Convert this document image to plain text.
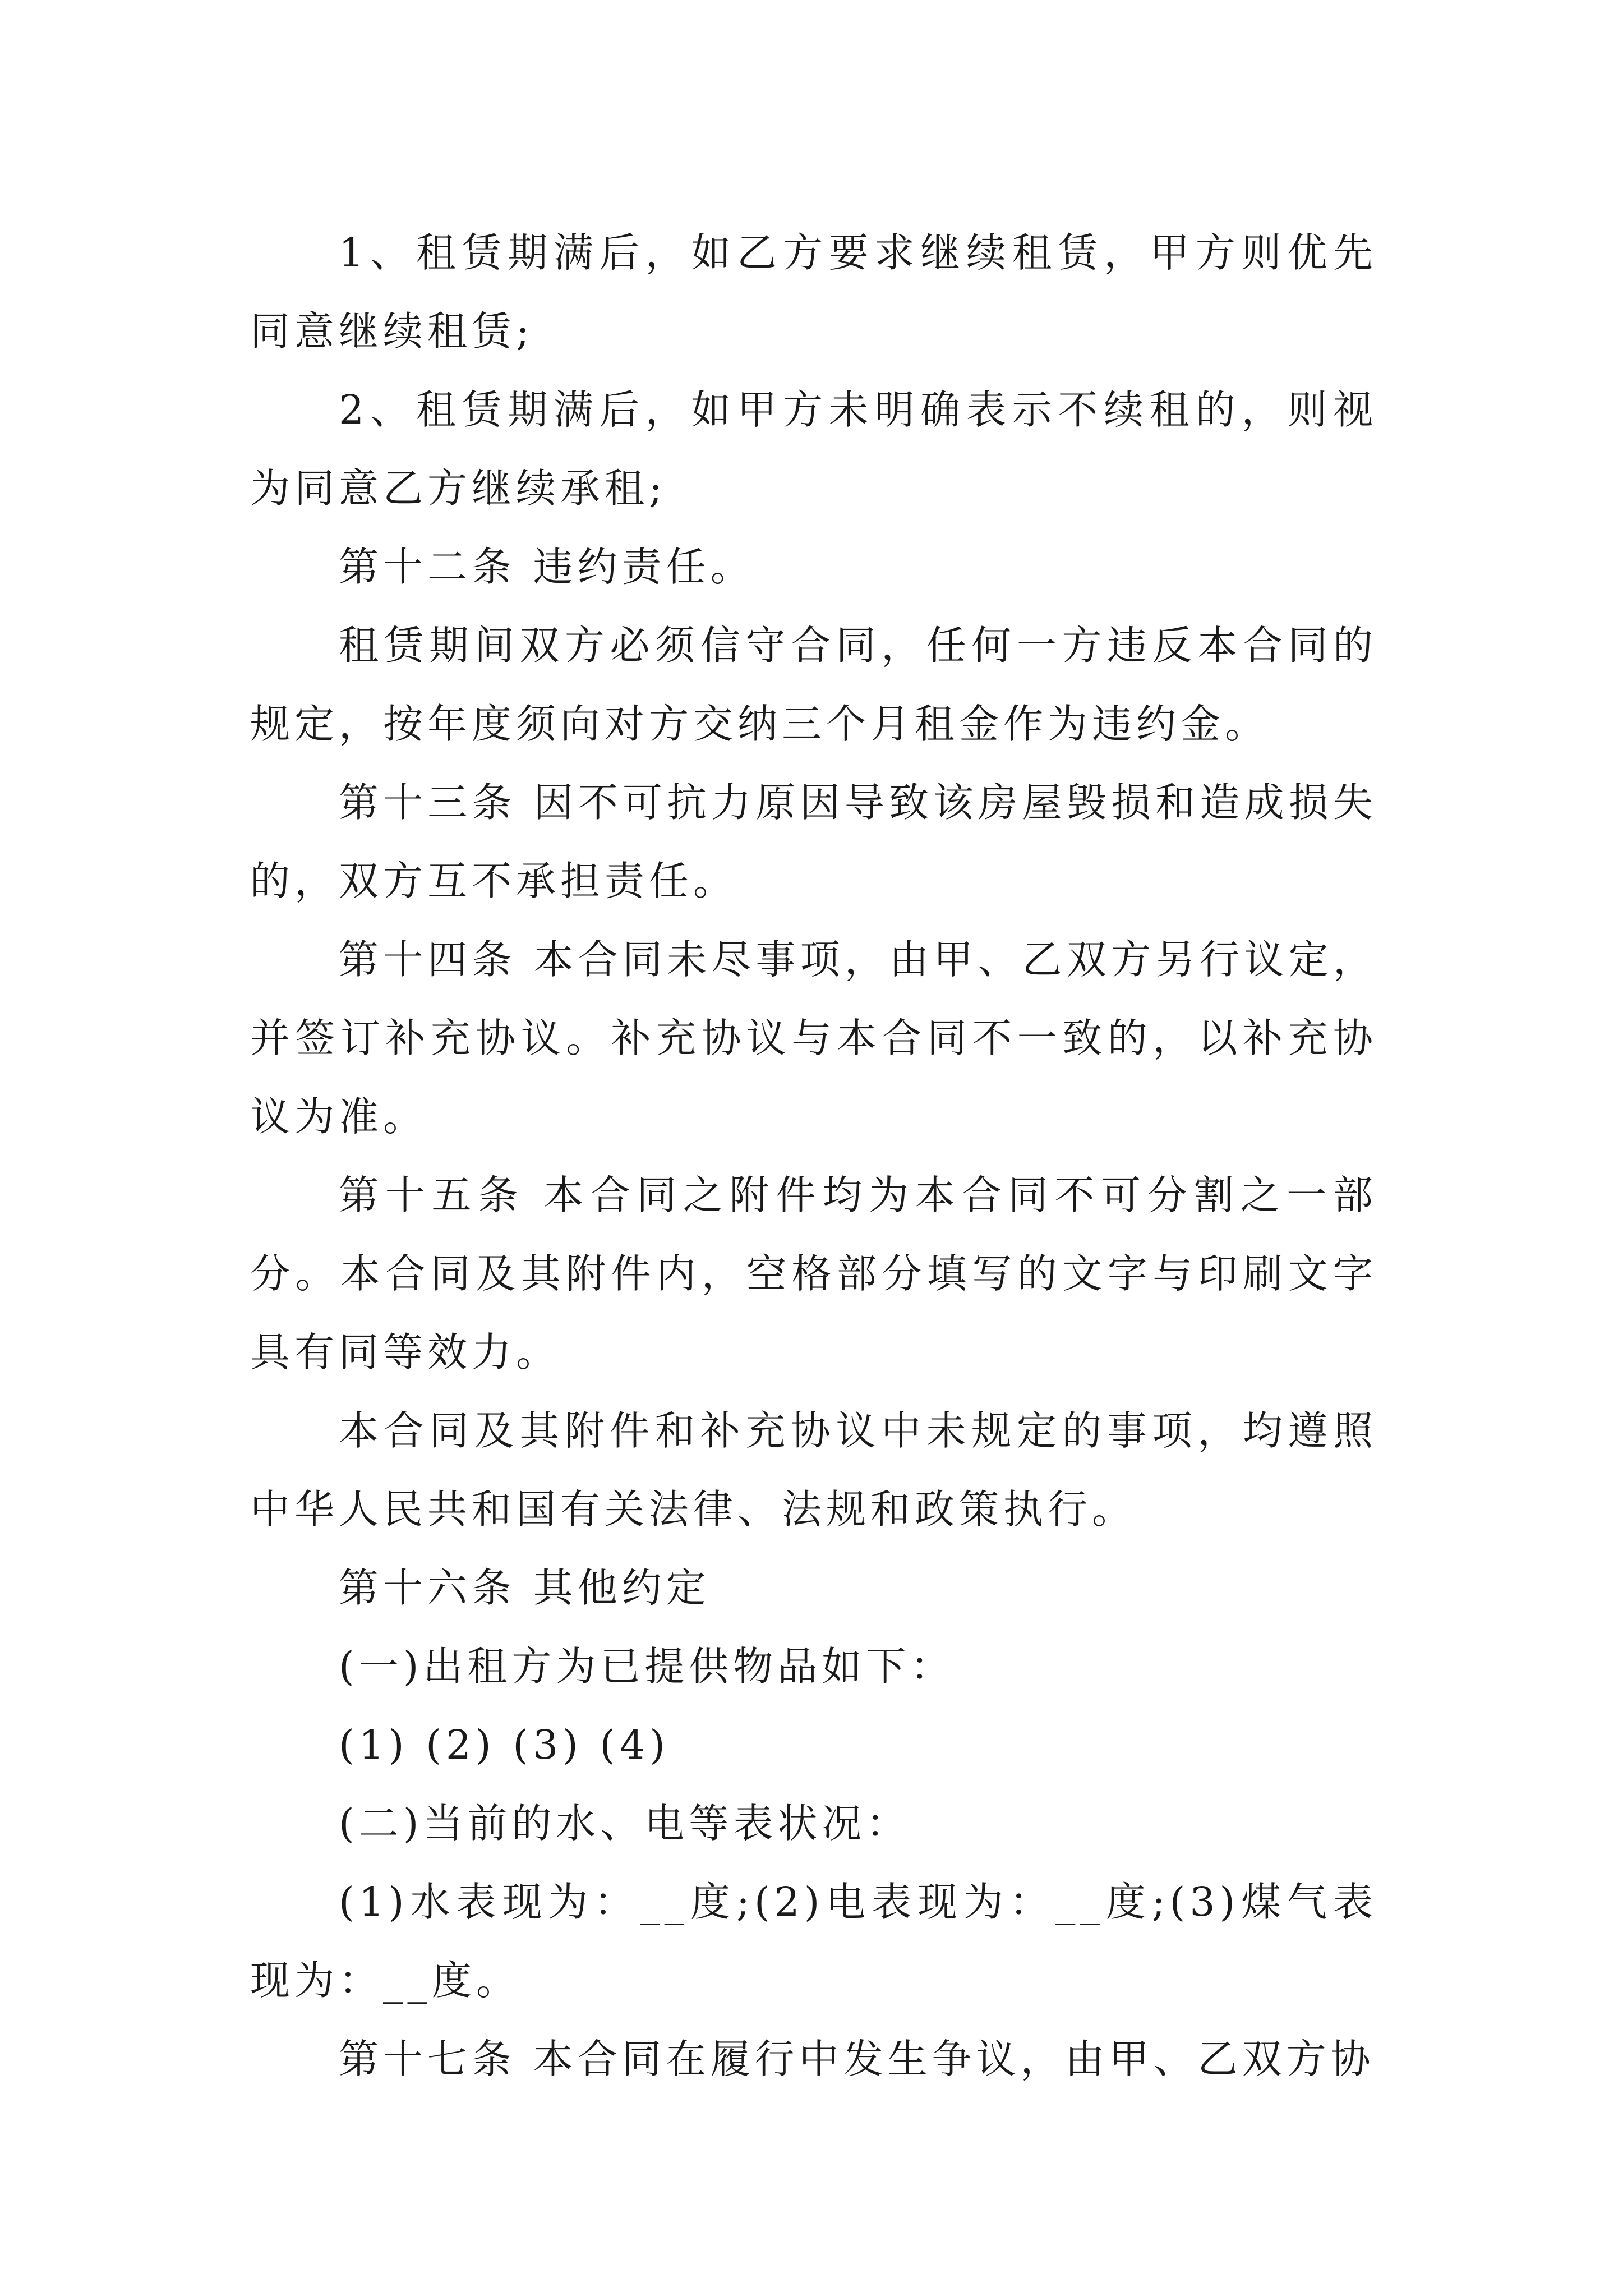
1、租赁期满后，如乙方要求继续租赁，甲方则优先同意继续租赁;

2、租赁期满后，如甲方未明确表示不续租的，则视为同意乙方继续承租;

第十二条 违约责任。

租赁期间双方必须信守合同，任何一方违反本合同的规定，按年度须向对方交纳三个月租金作为违约金。

第十三条 因不可抗力原因导致该房屋毁损和造成损失的，双方互不承担责任。

第十四条 本合同未尽事项，由甲、乙双方另行议定，并签订补充协议。补充协议与本合同不一致的，以补充协议为准。

第十五条 本合同之附件均为本合同不可分割之一部分。本合同及其附件内，空格部分填写的文字与印刷文字具有同等效力。

本合同及其附件和补充协议中未规定的事项，均遵照中华人民共和国有关法律、法规和政策执行。

第十六条 其他约定

(一)出租方为已提供物品如下：

(1) (2) (3) (4)

(二)当前的水、电等表状况：

(1)水表现为：__度;(2)电表现为：__度;(3)煤气表现为：__度。

第十七条 本合同在履行中发生争议，由甲、乙双方协
